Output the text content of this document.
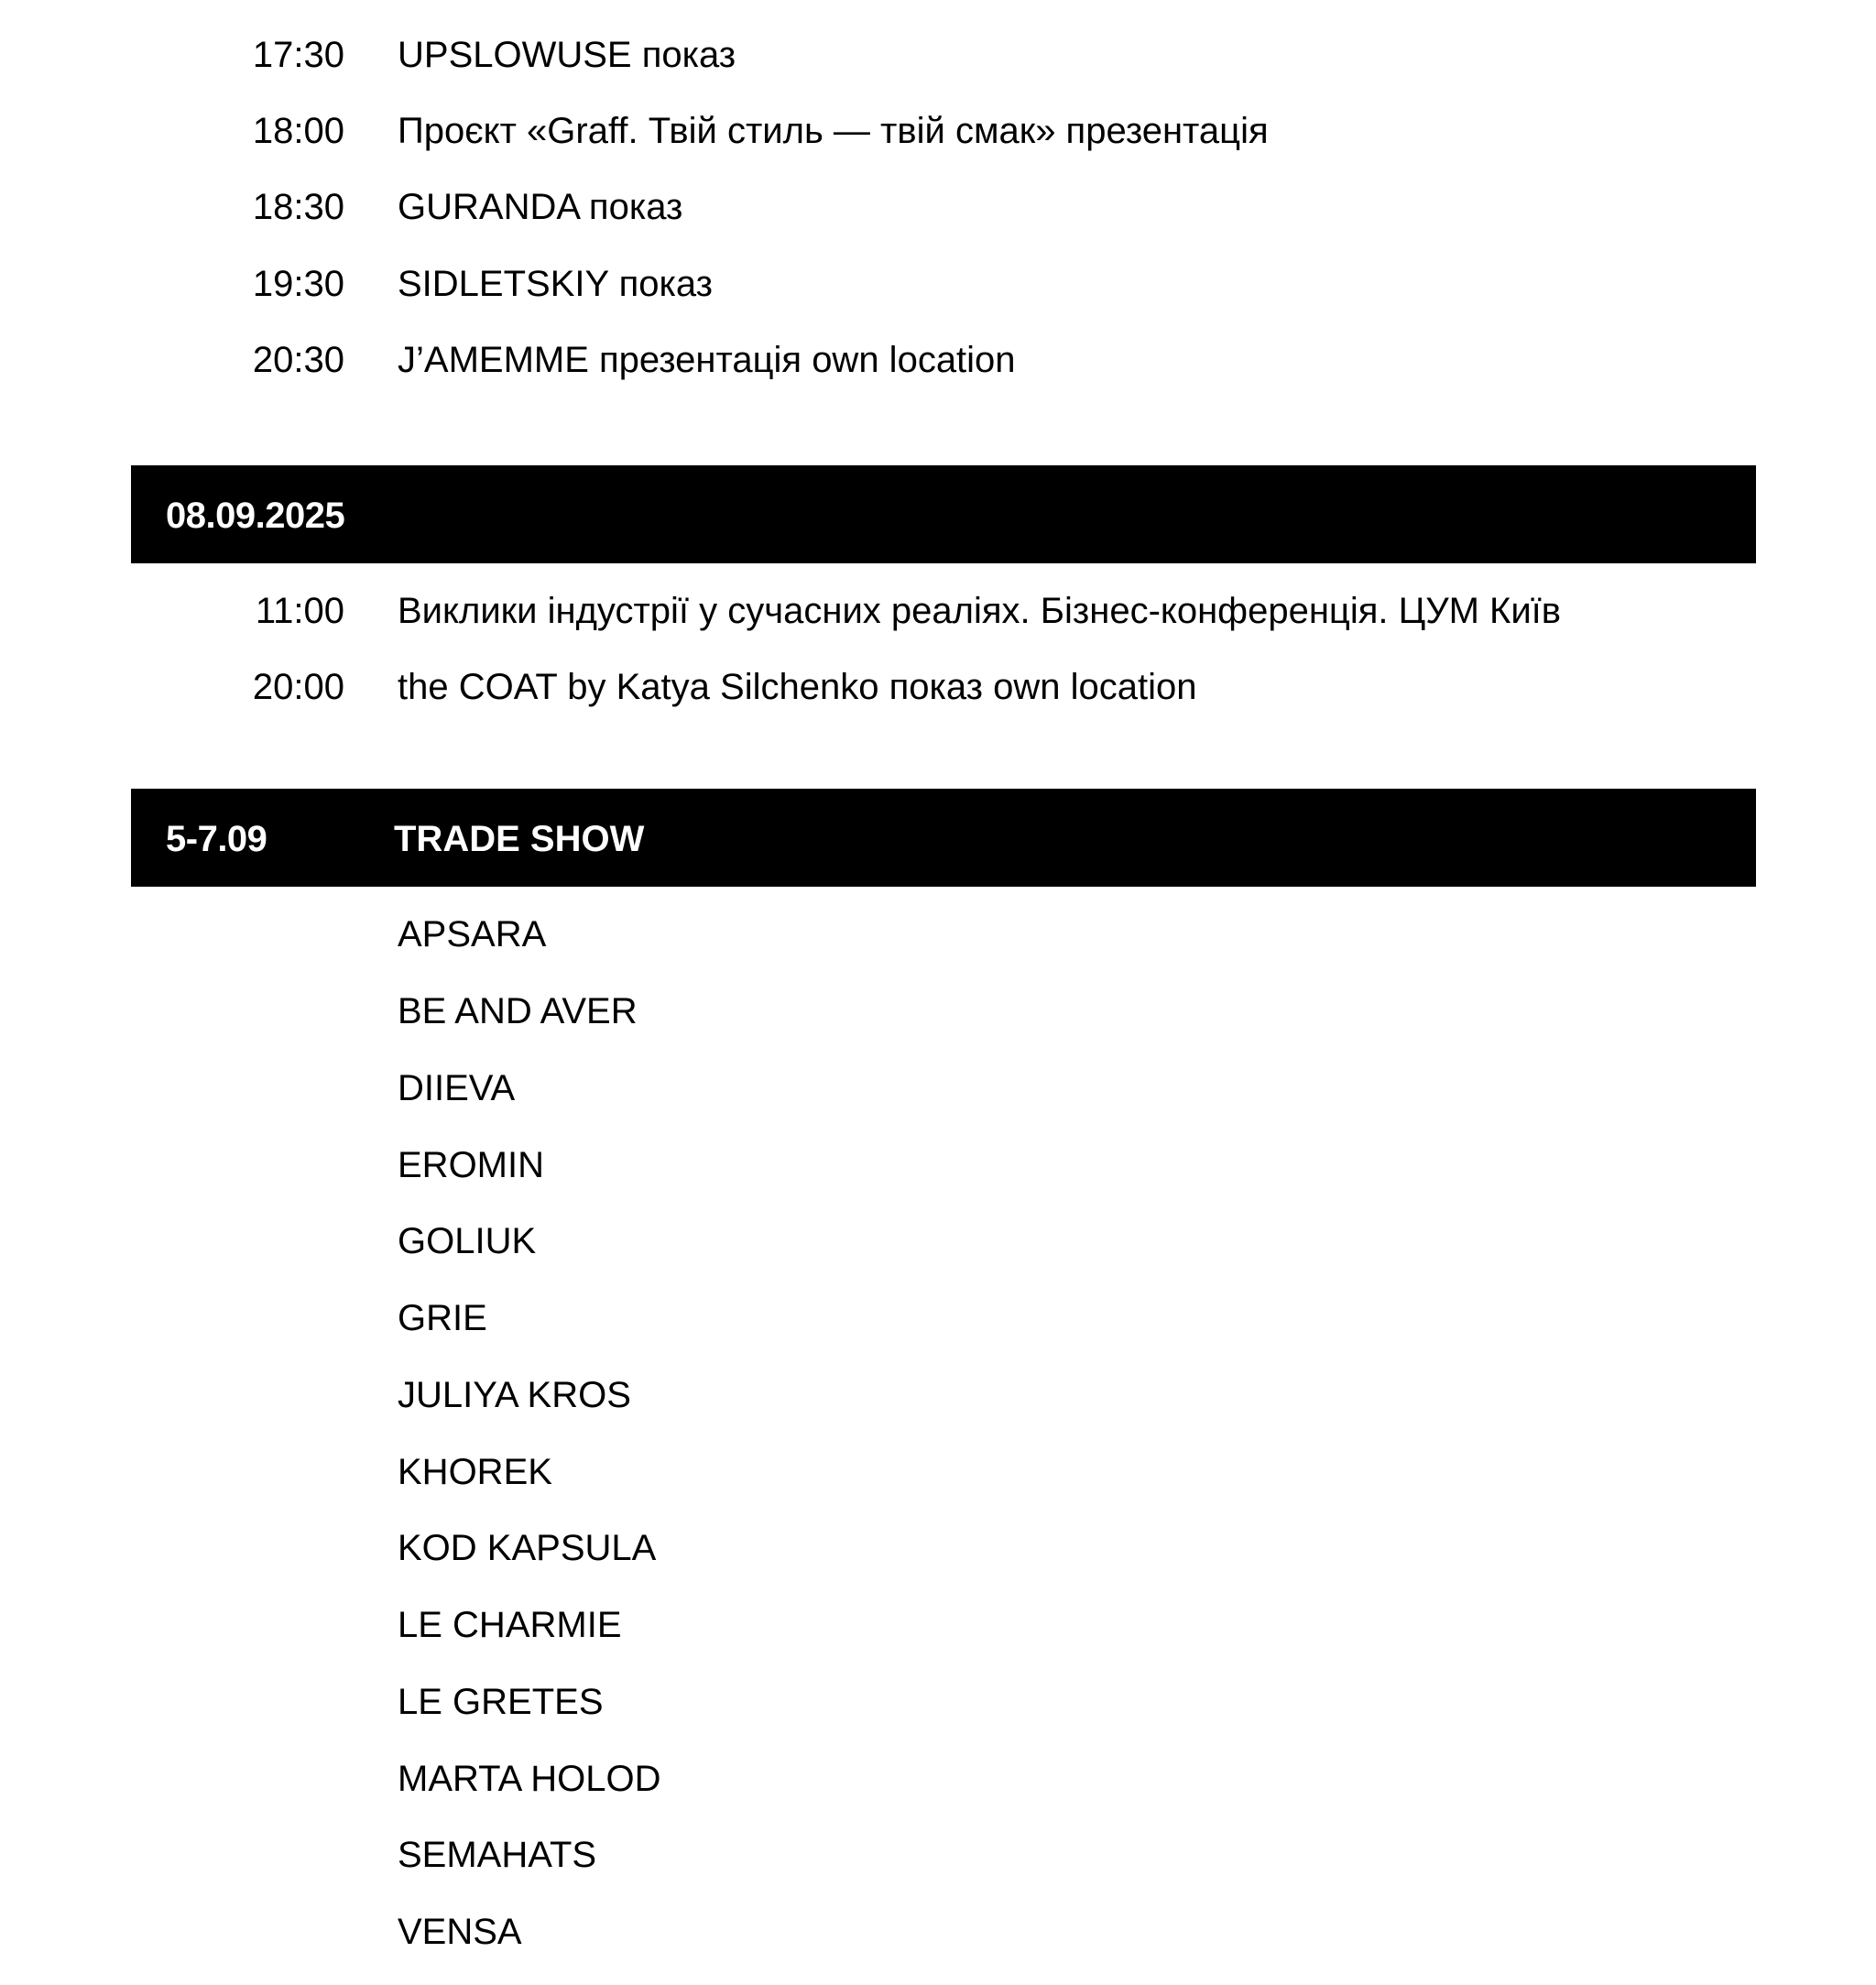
17:30 UPSLOWUSE показ
18:00 Проєкт «Graff. Твій стиль — твій смак» презентація
18:30 GURANDA показ
19:30 SIDLETSKIY показ
20:30 J’AMEMME презентація own location
08.09.2025
11:00 Виклики індустрії у сучасних реаліях. Бізнес-конференція. ЦУМ Київ
20:00 the COAT by Katya Silchenko показ own location
5-7.09	TRADE SHOW
APSARA
BE AND AVER
DIIEVA
EROMIN
GOLIUK
GRIE
JULIYA KROS
KHOREK
KOD KAPSULA
LE CHARMIE
LE GRETES
MARTA HOLOD
SEMAHATS
VENSA
